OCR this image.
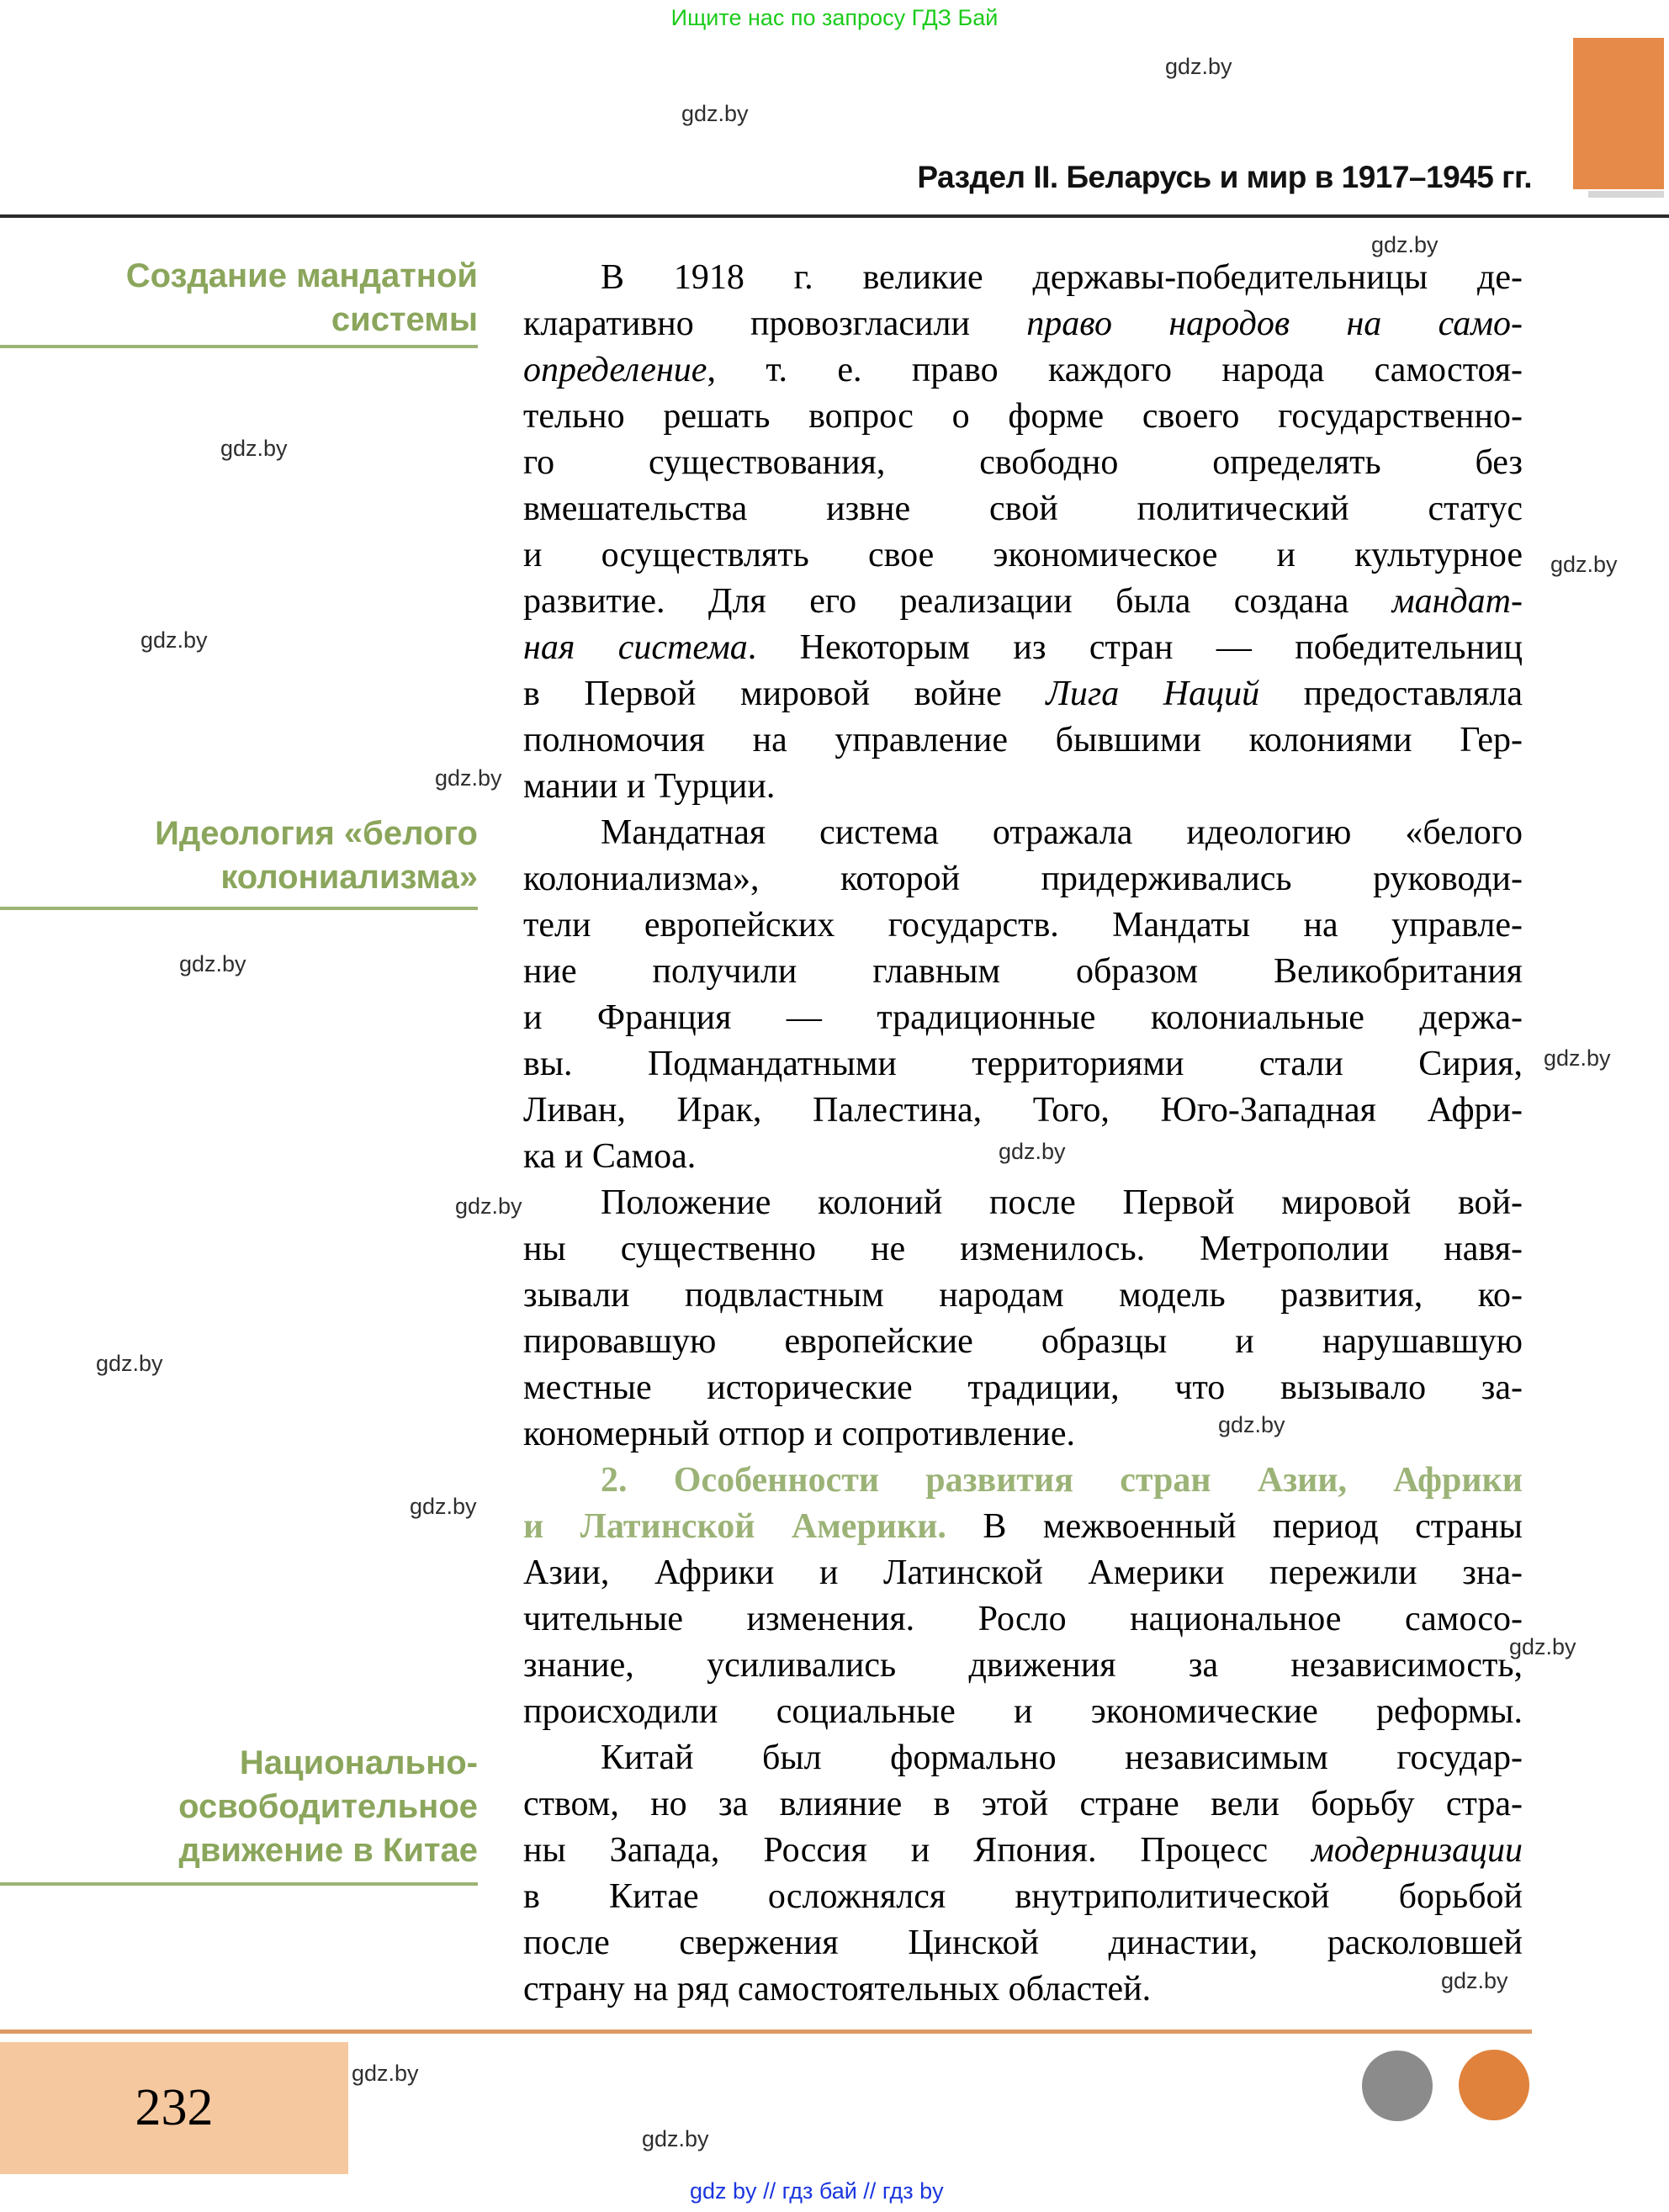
Ищите нас по запросу ГДЗ Бай
gdz.by
gdz.by
gdz.by
gdz.by
gdz.by
gdz.by
gdz.by
gdz.by
gdz.by
gdz.by
gdz.by
gdz.by
gdz.by
gdz.by
gdz.by
gdz.by
gdz.by
gdz.by
Раздел II. Беларусь и мир в 1917–1945 гг.
Создание мандатной
системы
Идеология «белого
колониализма»
Национально-
освободительное
движение в Китае
В 1918 г. великие державы-победительницы де-
кларативно провозгласили право народов на само-
определение, т. е. право каждого народа самостоя-
тельно решать вопрос о форме своего государственно-
го существования, свободно определять без
вмешательства извне свой политический статус
и осуществлять свое экономическое и культурное
развитие. Для его реализации была создана мандат-
ная система. Некоторым из стран — победительниц
в Первой мировой войне Лига Наций предоставляла
полномочия на управление бывшими колониями Гер-
мании и Турции.
Мандатная система отражала идеологию «белого
колониализма», которой придерживались руководи-
тели европейских государств. Мандаты на управле-
ние получили главным образом Великобритания
и Франция — традиционные колониальные держа-
вы. Подмандатными территориями стали Сирия,
Ливан, Ирак, Палестина, Того, Юго-Западная Афри-
ка и Самоа.
Положение колоний после Первой мировой вой-
ны существенно не изменилось. Метрополии навя-
зывали подвластным народам модель развития, ко-
пировавшую европейские образцы и нарушавшую
местные исторические традиции, что вызывало за-
кономерный отпор и сопротивление.
2. Особенности развития стран Азии, Африки
и Латинской Америки. В межвоенный период страны
Азии, Африки и Латинской Америки пережили зна-
чительные изменения. Росло национальное самосо-
знание, усиливались движения за независимость,
происходили социальные и экономические реформы.
Китай был формально независимым государ-
ством, но за влияние в этой стране вели борьбу стра-
ны Запада, Россия и Япония. Процесс модернизации
в Китае осложнялся внутриполитической борьбой
после свержения Цинской династии, расколовшей
страну на ряд самостоятельных областей.
232
gdz by // гдз бай // гдз by
